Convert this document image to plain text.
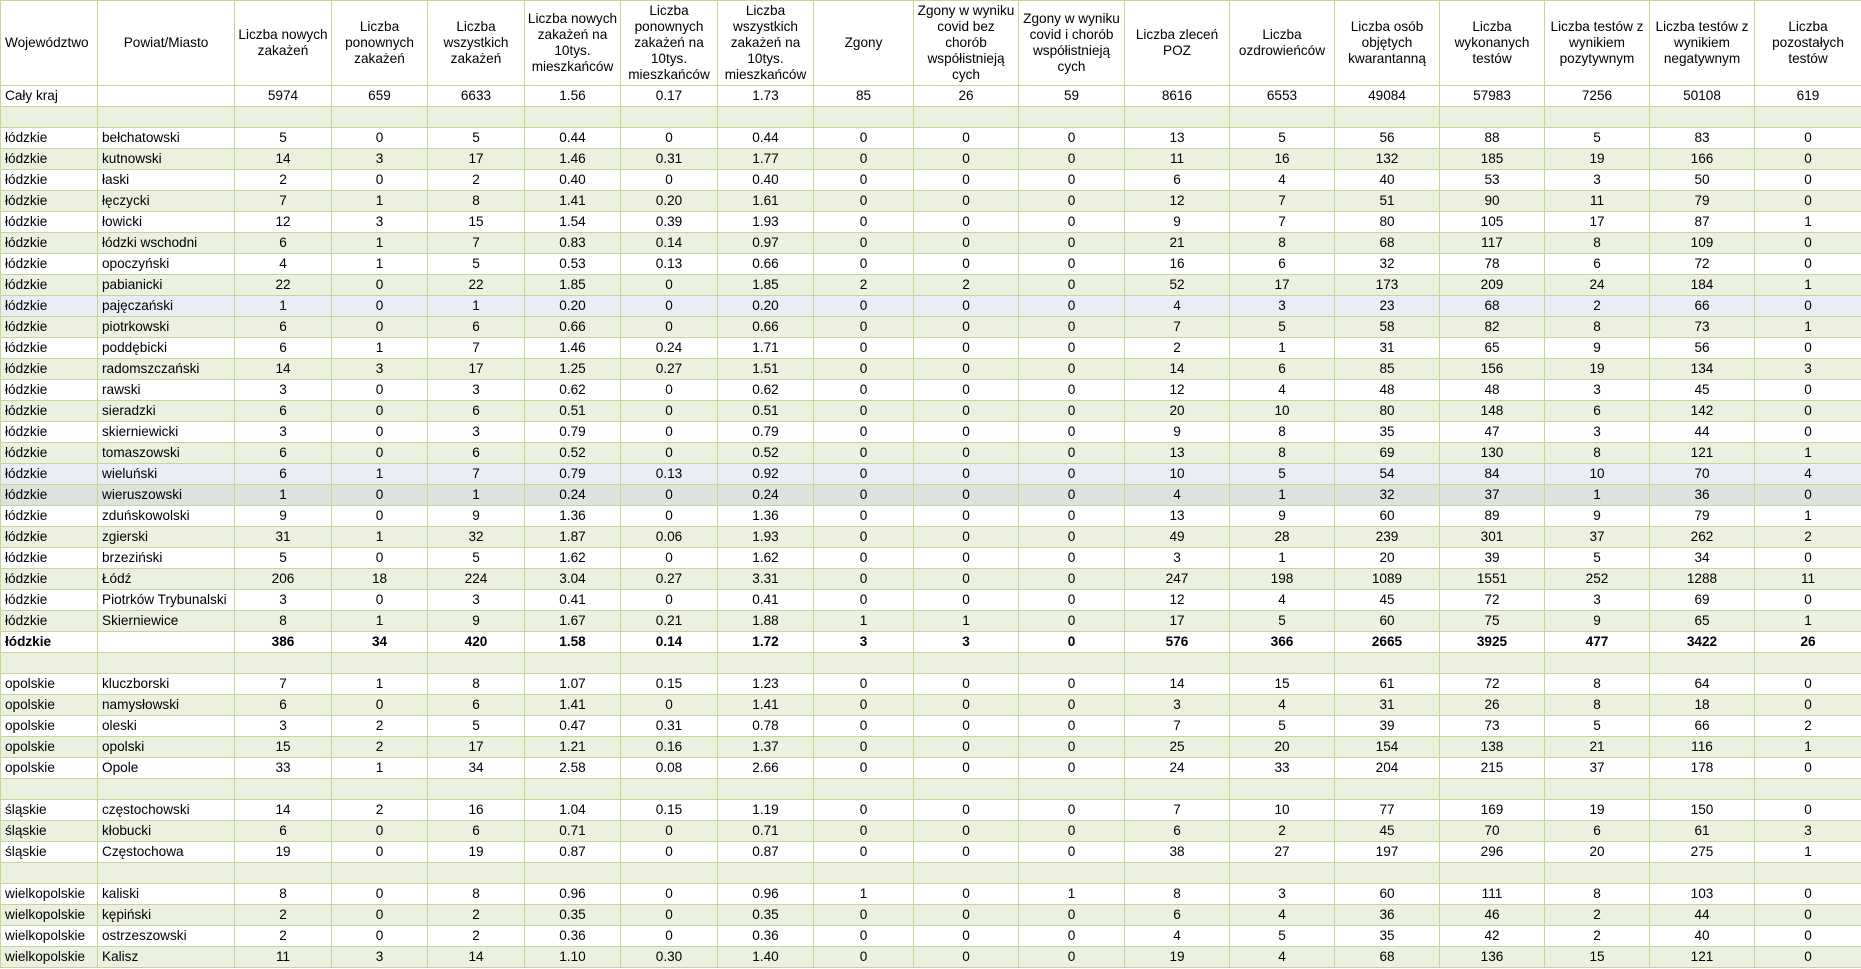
Województwo	Powiat/Miasto	Liczba nowych zakażeń	Liczba ponownych zakażeń	Liczba wszystkich zakażeń	Liczba nowych zakażeń na 10tys. mieszkańców	Liczba ponownych zakażeń na 10tys. mieszkańców	Liczba wszystkich zakażeń na 10tys. mieszkańców	Zgony	Zgony w wyniku covid bez chorób współistnieją cych	Zgony w wyniku covid i chorób współistnieją cych	Liczba zleceń POZ	Liczba ozdrowieńców	Liczba osób objętych kwarantanną	Liczba wykonanych testów	Liczba testów z wynikiem pozytywnym	Liczba testów z wynikiem negatywnym	Liczba pozostałych testów
Cały kraj		5974	659	6633	1.56	0.17	1.73	85	26	59	8616	6553	49084	57983	7256	50108	619

łódzkie	bełchatowski	5	0	5	0.44	0	0.44	0	0	0	13	5	56	88	5	83	0
łódzkie	kutnowski	14	3	17	1.46	0.31	1.77	0	0	0	11	16	132	185	19	166	0
łódzkie	łaski	2	0	2	0.40	0	0.40	0	0	0	6	4	40	53	3	50	0
łódzkie	łęczycki	7	1	8	1.41	0.20	1.61	0	0	0	12	7	51	90	11	79	0
łódzkie	łowicki	12	3	15	1.54	0.39	1.93	0	0	0	9	7	80	105	17	87	1
łódzkie	łódzki wschodni	6	1	7	0.83	0.14	0.97	0	0	0	21	8	68	117	8	109	0
łódzkie	opoczyński	4	1	5	0.53	0.13	0.66	0	0	0	16	6	32	78	6	72	0
łódzkie	pabianicki	22	0	22	1.85	0	1.85	2	2	0	52	17	173	209	24	184	1
łódzkie	pajęczański	1	0	1	0.20	0	0.20	0	0	0	4	3	23	68	2	66	0
łódzkie	piotrkowski	6	0	6	0.66	0	0.66	0	0	0	7	5	58	82	8	73	1
łódzkie	poddębicki	6	1	7	1.46	0.24	1.71	0	0	0	2	1	31	65	9	56	0
łódzkie	radomszczański	14	3	17	1.25	0.27	1.51	0	0	0	14	6	85	156	19	134	3
łódzkie	rawski	3	0	3	0.62	0	0.62	0	0	0	12	4	48	48	3	45	0
łódzkie	sieradzki	6	0	6	0.51	0	0.51	0	0	0	20	10	80	148	6	142	0
łódzkie	skierniewicki	3	0	3	0.79	0	0.79	0	0	0	9	8	35	47	3	44	0
łódzkie	tomaszowski	6	0	6	0.52	0	0.52	0	0	0	13	8	69	130	8	121	1
łódzkie	wieluński	6	1	7	0.79	0.13	0.92	0	0	0	10	5	54	84	10	70	4
łódzkie	wieruszowski	1	0	1	0.24	0	0.24	0	0	0	4	1	32	37	1	36	0
łódzkie	zduńskowolski	9	0	9	1.36	0	1.36	0	0	0	13	9	60	89	9	79	1
łódzkie	zgierski	31	1	32	1.87	0.06	1.93	0	0	0	49	28	239	301	37	262	2
łódzkie	brzeziński	5	0	5	1.62	0	1.62	0	0	0	3	1	20	39	5	34	0
łódzkie	Łódź	206	18	224	3.04	0.27	3.31	0	0	0	247	198	1089	1551	252	1288	11
łódzkie	Piotrków Trybunalski	3	0	3	0.41	0	0.41	0	0	0	12	4	45	72	3	69	0
łódzkie	Skierniewice	8	1	9	1.67	0.21	1.88	1	1	0	17	5	60	75	9	65	1
łódzkie		386	34	420	1.58	0.14	1.72	3	3	0	576	366	2665	3925	477	3422	26

opolskie	kluczborski	7	1	8	1.07	0.15	1.23	0	0	0	14	15	61	72	8	64	0
opolskie	namysłowski	6	0	6	1.41	0	1.41	0	0	0	3	4	31	26	8	18	0
opolskie	oleski	3	2	5	0.47	0.31	0.78	0	0	0	7	5	39	73	5	66	2
opolskie	opolski	15	2	17	1.21	0.16	1.37	0	0	0	25	20	154	138	21	116	1
opolskie	Opole	33	1	34	2.58	0.08	2.66	0	0	0	24	33	204	215	37	178	0

śląskie	częstochowski	14	2	16	1.04	0.15	1.19	0	0	0	7	10	77	169	19	150	0
śląskie	kłobucki	6	0	6	0.71	0	0.71	0	0	0	6	2	45	70	6	61	3
śląskie	Częstochowa	19	0	19	0.87	0	0.87	0	0	0	38	27	197	296	20	275	1

wielkopolskie	kaliski	8	0	8	0.96	0	0.96	1	0	1	8	3	60	111	8	103	0
wielkopolskie	kępiński	2	0	2	0.35	0	0.35	0	0	0	6	4	36	46	2	44	0
wielkopolskie	ostrzeszowski	2	0	2	0.36	0	0.36	0	0	0	4	5	35	42	2	40	0
wielkopolskie	Kalisz	11	3	14	1.10	0.30	1.40	0	0	0	19	4	68	136	15	121	0
